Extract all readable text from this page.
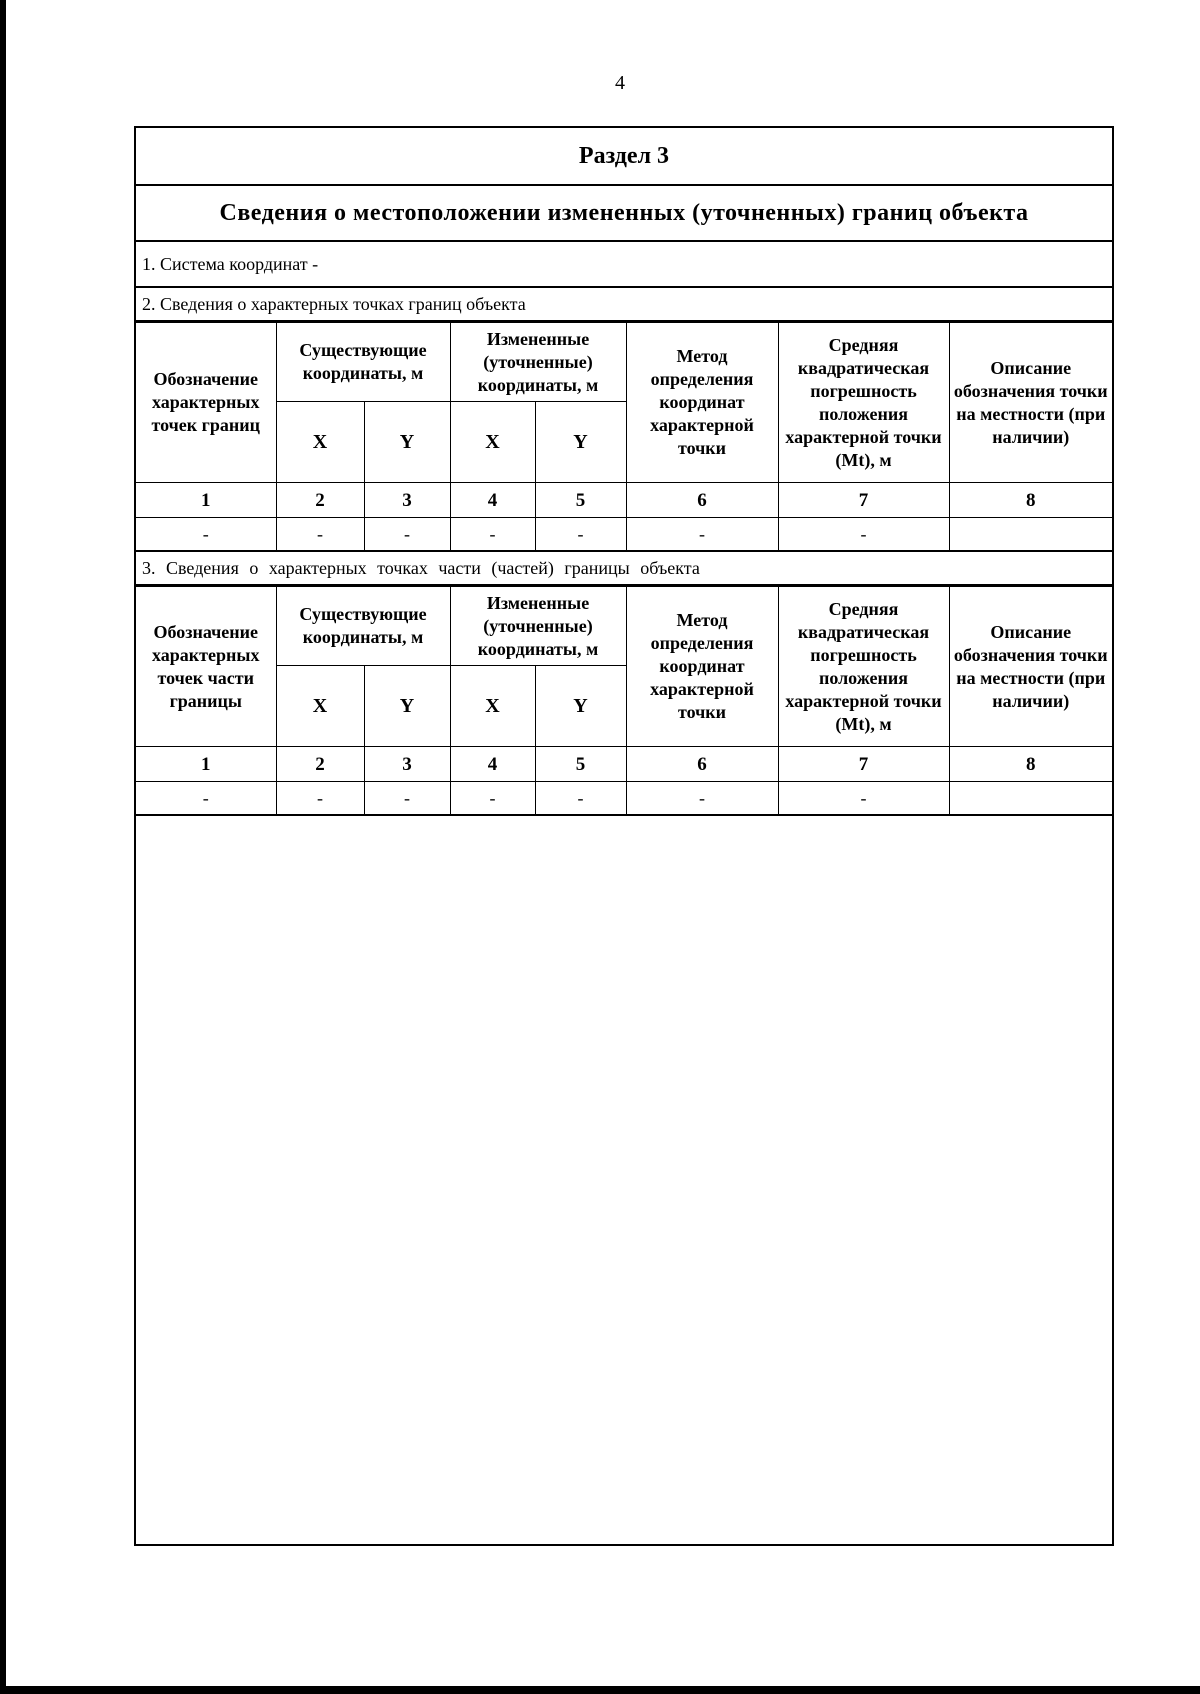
4
Раздел 3
Сведения о местоположении измененных (уточненных) границ объекта
1. Система координат -
2. Сведения о характерных точках границ объекта
Обозначение характерных точек границ	Существующие координаты, м		Измененные (уточненные) координаты, м		Метод определения координат характерной точки	Средняя квадратическая погрешность положения характерной точки (Mt), м	Описание обозначения точки на местности (при наличии)
	X	Y	X	Y			
1	2	3	4	5	6	7	8
-	-	-	-	-	-	-	
3. Сведения о характерных точках части (частей) границы объекта
Обозначение характерных точек части границы	Существующие координаты, м		Измененные (уточненные) координаты, м		Метод определения координат характерной точки	Средняя квадратическая погрешность положения характерной точки (Mt), м	Описание обозначения точки на местности (при наличии)
	X	Y	X	Y			
1	2	3	4	5	6	7	8
-	-	-	-	-	-	-	
